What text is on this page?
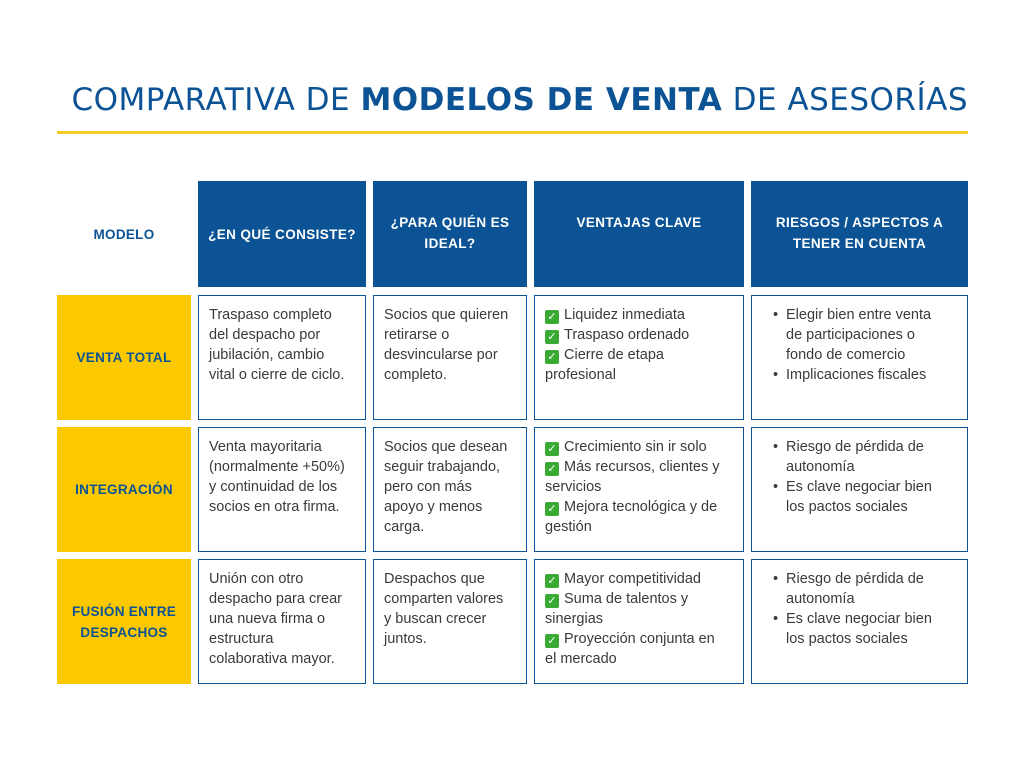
COMPARATIVA DE MODELOS DE VENTA DE ASESORÍAS
MODELO	¿EN QUÉ CONSISTE?
¿PARA QUIÉN ES IDEAL?
VENTAJAS CLAVE	RIESGOS / ASPECTOS A TENER EN CUENTA
VENTA TOTAL
Traspaso completo
del despacho por
jubilación, cambio
vital o cierre de ciclo.
Socios que quieren
retirarse o
desvincularse por
completo.
✓ Liquidez inmediata
✓ Traspaso ordenado
✓ Cierre de etapa
profesional
• Elegir bien entre venta
de participaciones o
fondo de comercio
• Implicaciones fiscales
INTEGRACIÓN
Venta mayoritaria
(normalmente +50%)
y continuidad de los
socios en otra firma.
Socios que desean
seguir trabajando,
pero con más
apoyo y menos
carga.
✓ Crecimiento sin ir solo
✓ Más recursos, clientes y
servicios
✓ Mejora tecnológica y de
gestión
• Riesgo de pérdida de
autonomía
• Es clave negociar bien
los pactos sociales
FUSIÓN ENTRE DESPACHOS
Unión con otro
despacho para crear
una nueva firma o
estructura
colaborativa mayor.
Despachos que
comparten valores
y buscan crecer
juntos.
✓ Mayor competitividad
✓ Suma de talentos y
sinergias
✓ Proyección conjunta en
el mercado
• Riesgo de pérdida de
autonomía
• Es clave negociar bien
los pactos sociales
